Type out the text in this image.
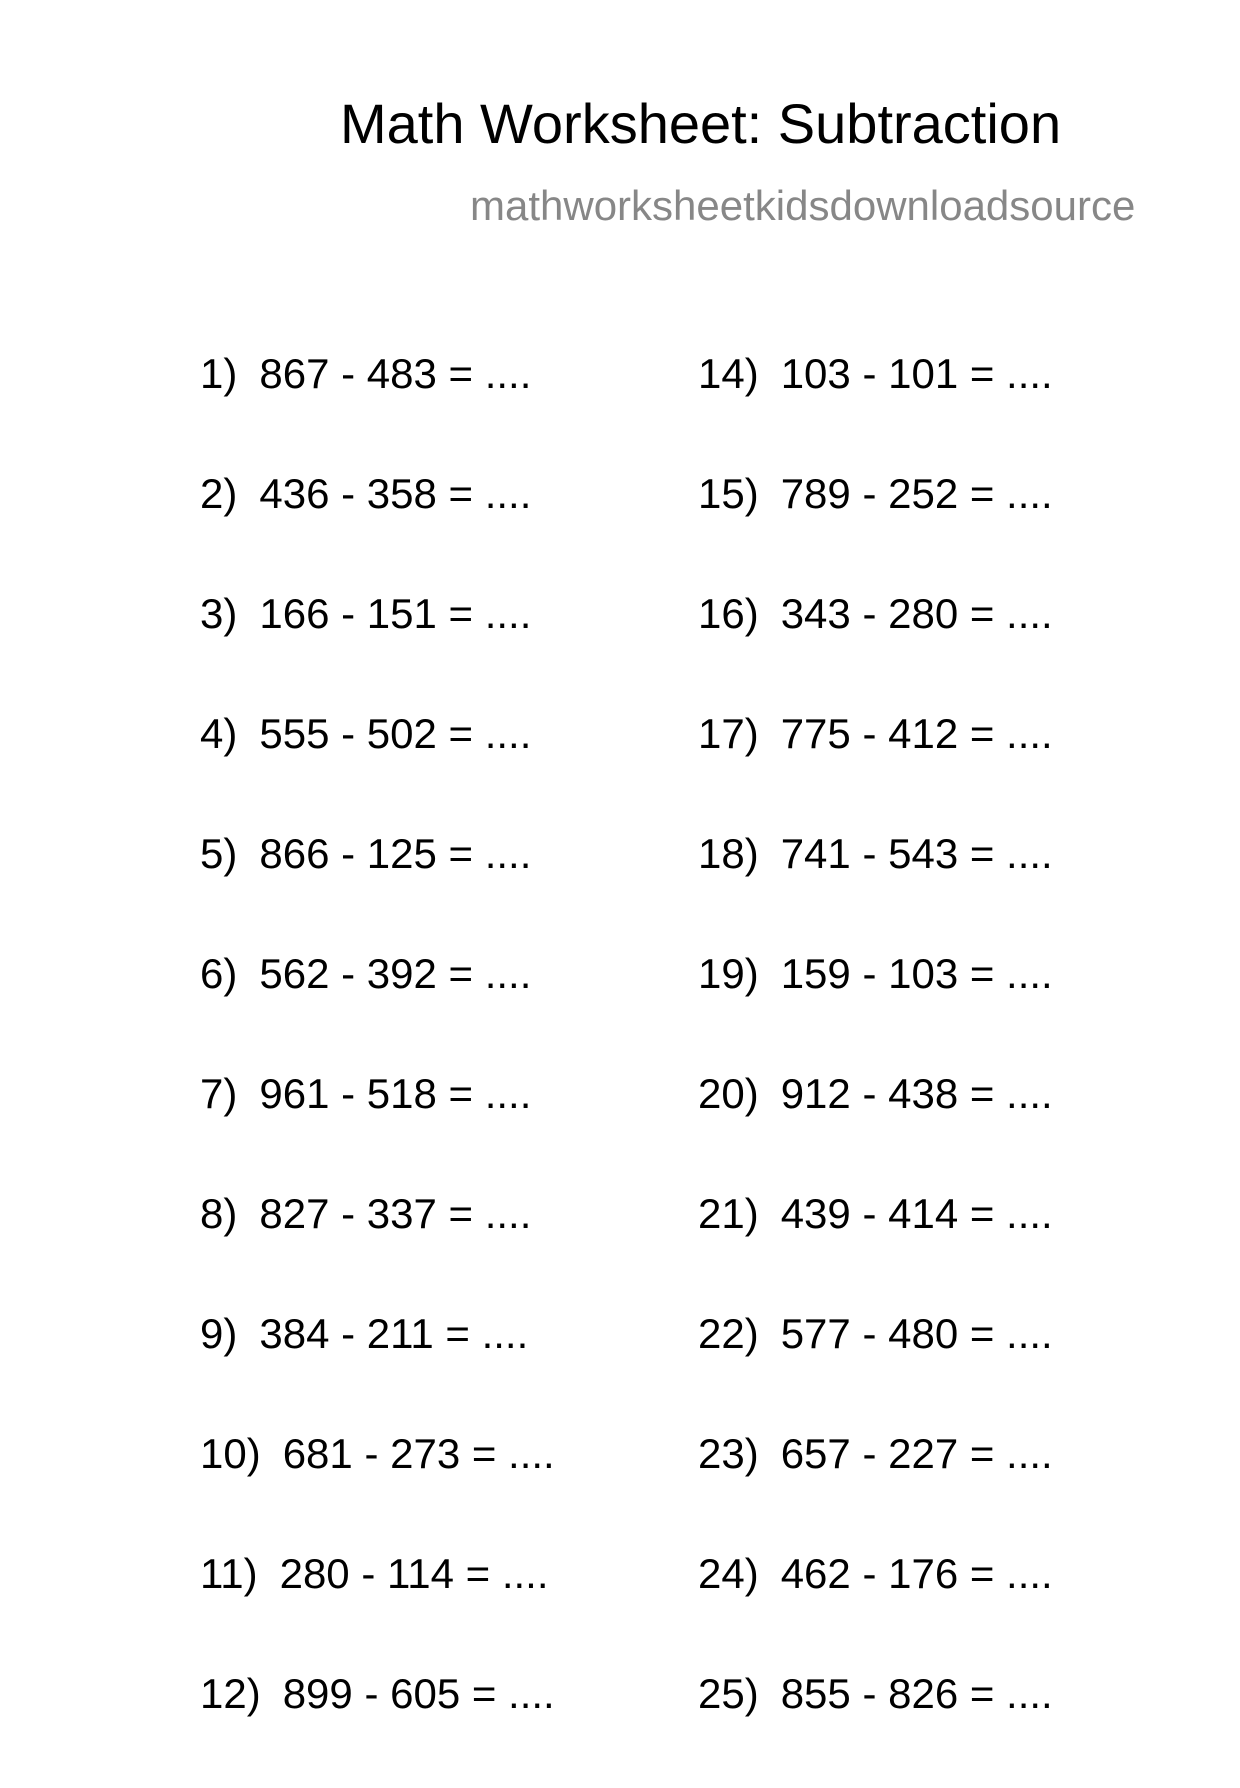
Math Worksheet: Subtraction
mathworksheetkidsdownloadsource
1) 867 - 483 = ....
2) 436 - 358 = ....
3) 166 - 151 = ....
4) 555 - 502 = ....
5) 866 - 125 = ....
6) 562 - 392 = ....
7) 961 - 518 = ....
8) 827 - 337 = ....
9) 384 - 211 = ....
10) 681 - 273 = ....
11) 280 - 114 = ....
12) 899 - 605 = ....
14) 103 - 101 = ....
15) 789 - 252 = ....
16) 343 - 280 = ....
17) 775 - 412 = ....
18) 741 - 543 = ....
19) 159 - 103 = ....
20) 912 - 438 = ....
21) 439 - 414 = ....
22) 577 - 480 = ....
23) 657 - 227 = ....
24) 462 - 176 = ....
25) 855 - 826 = ....
